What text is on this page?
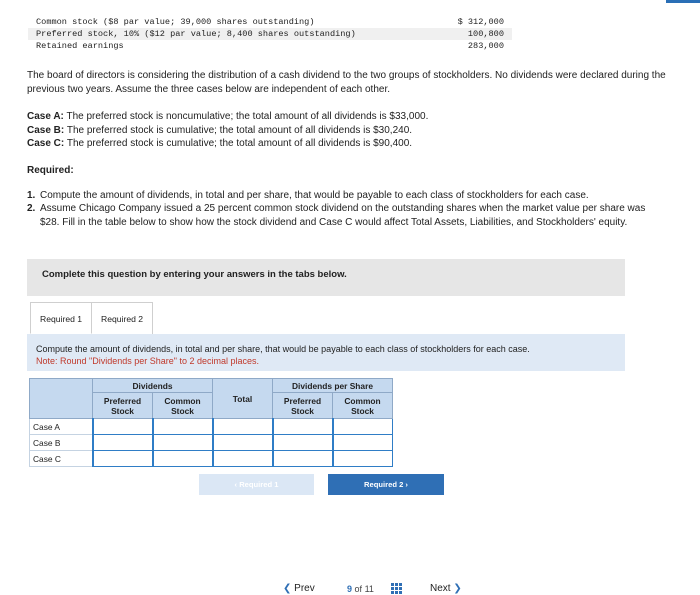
Common stock ($8 par value; 39,000 shares outstanding)	$ 312,000
Preferred stock, 10% ($12 par value; 8,400 shares outstanding)	100,800
Retained earnings	283,000

The board of directors is considering the distribution of a cash dividend to the two groups of stockholders. No dividends were declared during the previous two years. Assume the three cases below are independent of each other.

Case A: The preferred stock is noncumulative; the total amount of all dividends is $33,000.
Case B: The preferred stock is cumulative; the total amount of all dividends is $30,240.
Case C: The preferred stock is cumulative; the total amount of all dividends is $90,400.
Required:
1. Compute the amount of dividends, in total and per share, that would be payable to each class of stockholders for each case.
2. Assume Chicago Company issued a 25 percent common stock dividend on the outstanding shares when the market value per share was $28. Fill in the table below to show how the stock dividend and Case C would affect Total Assets, Liabilities, and Stockholders' equity.
Complete this question by entering your answers in the tabs below.
Required 1	Required 2
Compute the amount of dividends, in total and per share, that would be payable to each class of stockholders for each case.
Note: Round "Dividends per Share" to 2 decimal places.
	Dividends		Total	Dividends per Share	
	Preferred Stock	Common Stock		Preferred Stock	Common Stock
Case A					
Case B					
Case C					
‹ Required 1	Required 2 ›
❮ Prev	9 of 11	Next ❯
